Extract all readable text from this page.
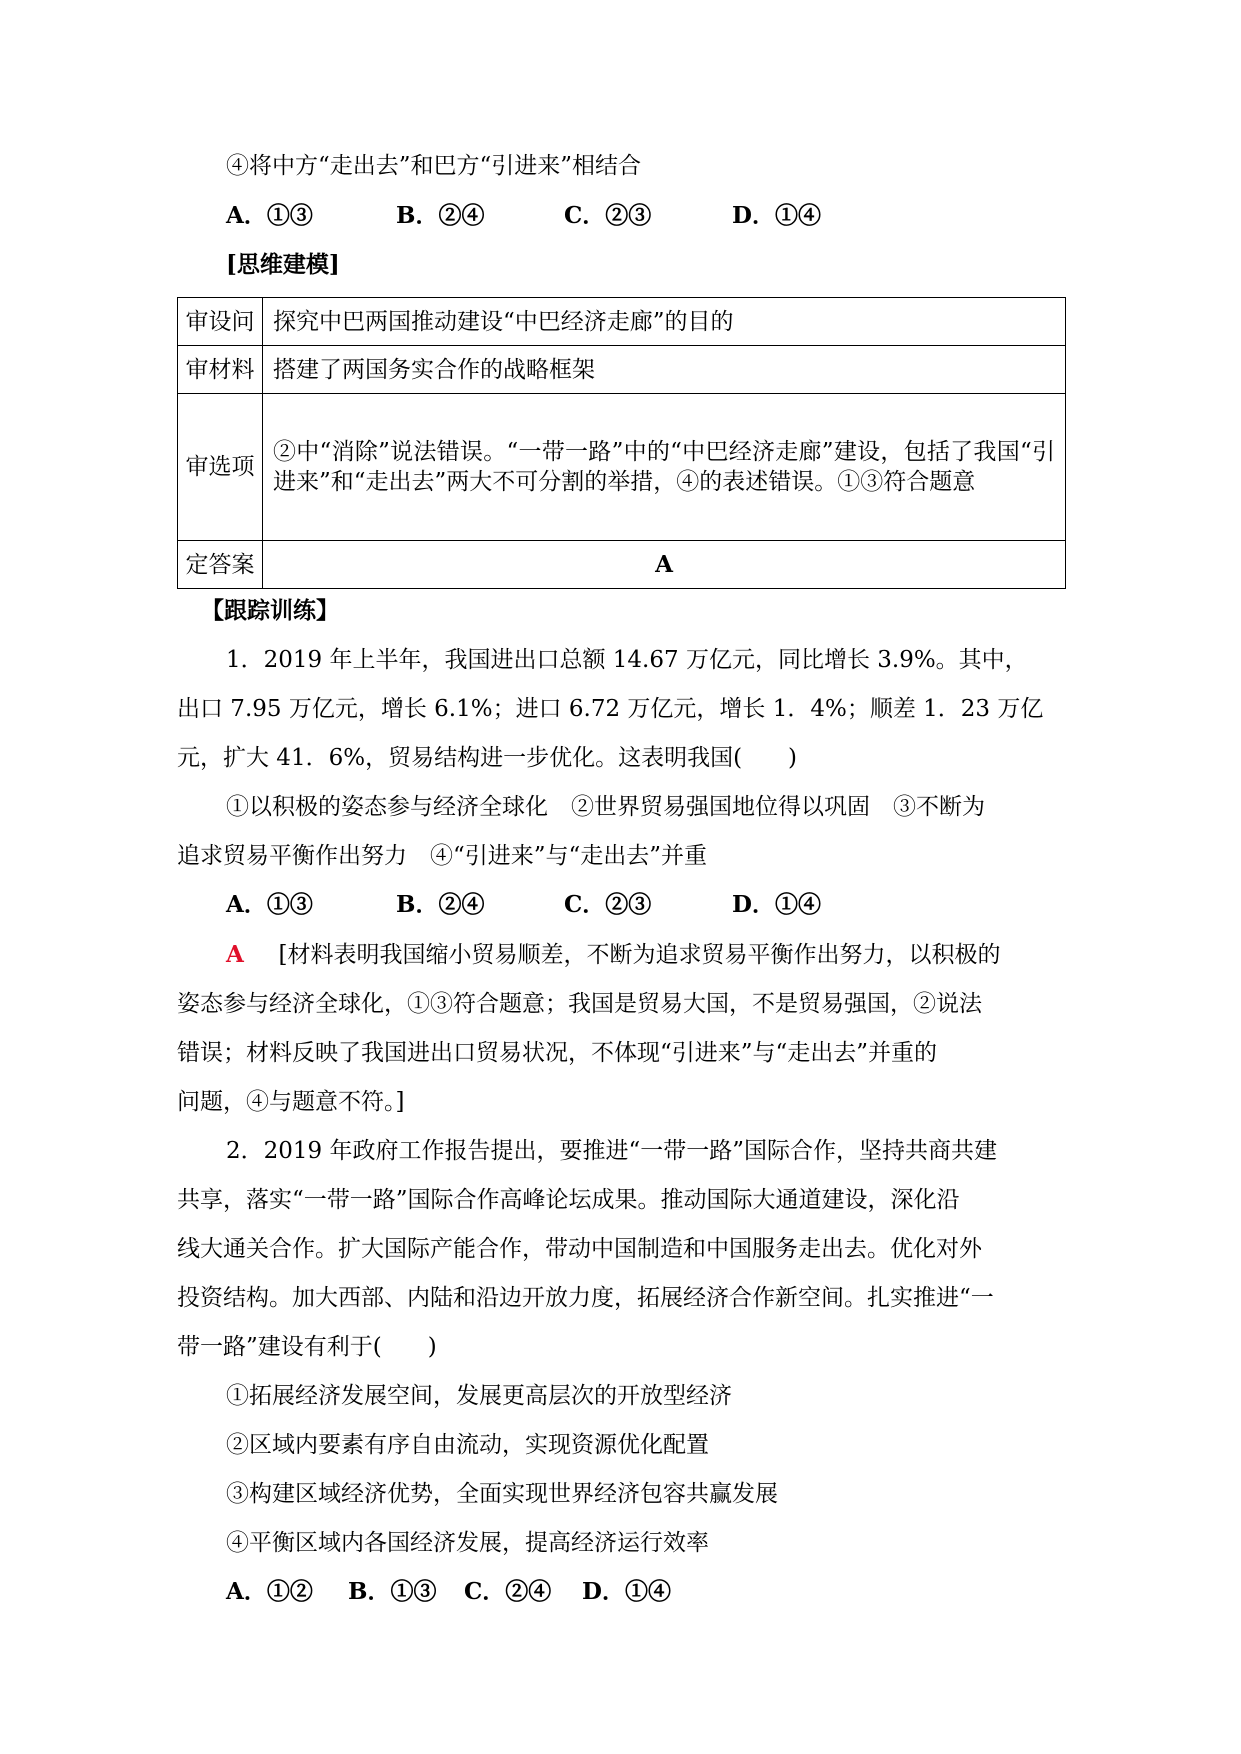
④将中方“走出去”和巴方“引进来”相结合
A．①③	B．②④	C．②③	D．①④
[思维建模]
审设问	探究中巴两国推动建设“中巴经济走廊”的目的
审材料	搭建了两国务实合作的战略框架
审选项	②中“消除”说法错误。“一带一路”中的“中巴经济走廊”建设，包括了我国“引进来”和“走出去”两大不可分割的举措，④的表述错误。①③符合题意
定答案	A
【跟踪训练】
1．2019 年上半年，我国进出口总额 14.67 万亿元，同比增长 3.9%。其中，
出口 7.95 万亿元，增长 6.1%；进口 6.72 万亿元，增长 1．4%；顺差 1．23 万亿
元，扩大 41．6%，贸易结构进一步优化。这表明我国(　　)
①以积极的姿态参与经济全球化　②世界贸易强国地位得以巩固　③不断为
追求贸易平衡作出努力　④“引进来”与“走出去”并重
A．①③	B．②④	C．②③	D．①④
A [材料表明我国缩小贸易顺差，不断为追求贸易平衡作出努力，以积极的
姿态参与经济全球化，①③符合题意；我国是贸易大国，不是贸易强国，②说法
错误；材料反映了我国进出口贸易状况，不体现“引进来”与“走出去”并重的
问题，④与题意不符。]
2．2019 年政府工作报告提出，要推进“一带一路”国际合作，坚持共商共建
共享，落实“一带一路”国际合作高峰论坛成果。推动国际大通道建设，深化沿
线大通关合作。扩大国际产能合作，带动中国制造和中国服务走出去。优化对外
投资结构。加大西部、内陆和沿边开放力度，拓展经济合作新空间。扎实推进“一
带一路”建设有利于(　　)
①拓展经济发展空间，发展更高层次的开放型经济
②区域内要素有序自由流动，实现资源优化配置
③构建区域经济优势，全面实现世界经济包容共赢发展
④平衡区域内各国经济发展，提高经济运行效率
A．①② B．①③ C．②④ D．①④
